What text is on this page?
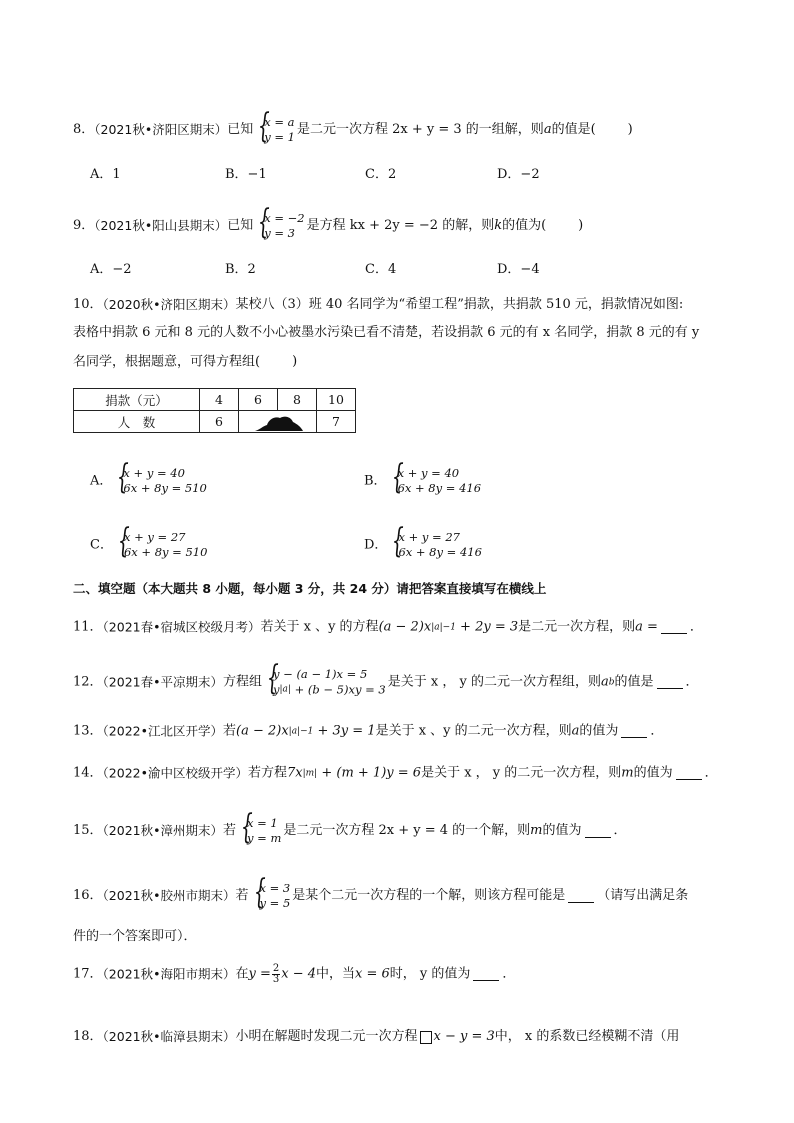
8．（2021秋•济阳区期末）已知 { x = a
y = 1 是二元一次方程 2x + y = 3 的一组解，则a的值是( )
A．1	B．−1	C．2	D．−2
9．（2021秋•阳山县期末）已知 { x = −2
y = 3 是方程 kx + 2y = −2 的解，则k的值为( )
A．−2	B．2	C．4	D．−4
10．（2020秋•济阳区期末）某校八（3）班 40 名同学为“希望工程”捐款，共捐款 510 元，捐款情况如图:
表格中捐款 6 元和 8 元的人数不小心被墨水污染已看不清楚，若设捐款 6 元的有 x 名同学，捐款 8 元的有 y
名同学，根据题意，可得方程组( )
捐款（元）	4	6	8	10
人　数	6			7
A．
{ x + y = 40
6x + 8y = 510	B．
{ x + y = 40
6x + 8y = 416
C．
{ x + y = 27
6x + 8y = 510	D．
{ x + y = 27
6x + 8y = 416
二、填空题（本大题共 8 小题，每小题 3 分，共 24 分）请把答案直接填写在横线上
11．（2021春•宿城区校级月考）若关于 x 、y 的方程(a − 2)x|a|−1 + 2y = 3是二元一次方程，则a = ．
12．（2021春•平凉期末）方程组
{ y − (a − 1)x = 5
y|a| + (b − 5)xy = 3
是关于 x ， y 的二元一次方程组，则ab的值是 ．
13．（2022•江北区开学）若(a − 2)x|a|−1 + 3y = 1是关于 x 、y 的二元一次方程，则a的值为 ．
14．（2022•渝中区校级开学）若方程7x|m| + (m + 1)y = 6是关于 x ， y 的二元一次方程，则m的值为 ．
15．（2021秋•漳州期末）若 { x = 1
y = m 是二元一次方程 2x + y = 4 的一个解，则m的值为 ．
16．（2021秋•胶州市期末）若 { x = 3
y = 5 是某个二元一次方程的一个解，则该方程可能是 （请写出满足条
件的一个答案即可）．
17．（2021秋•海阳市期末）在$y = \frac{2}{3}$ x − 4中，当x = 6时， y 的值为 ．
18．（2021秋•临漳县期末）小明在解题时发现二元一次方程 x − y = 3中， x 的系数已经模糊不清（用
